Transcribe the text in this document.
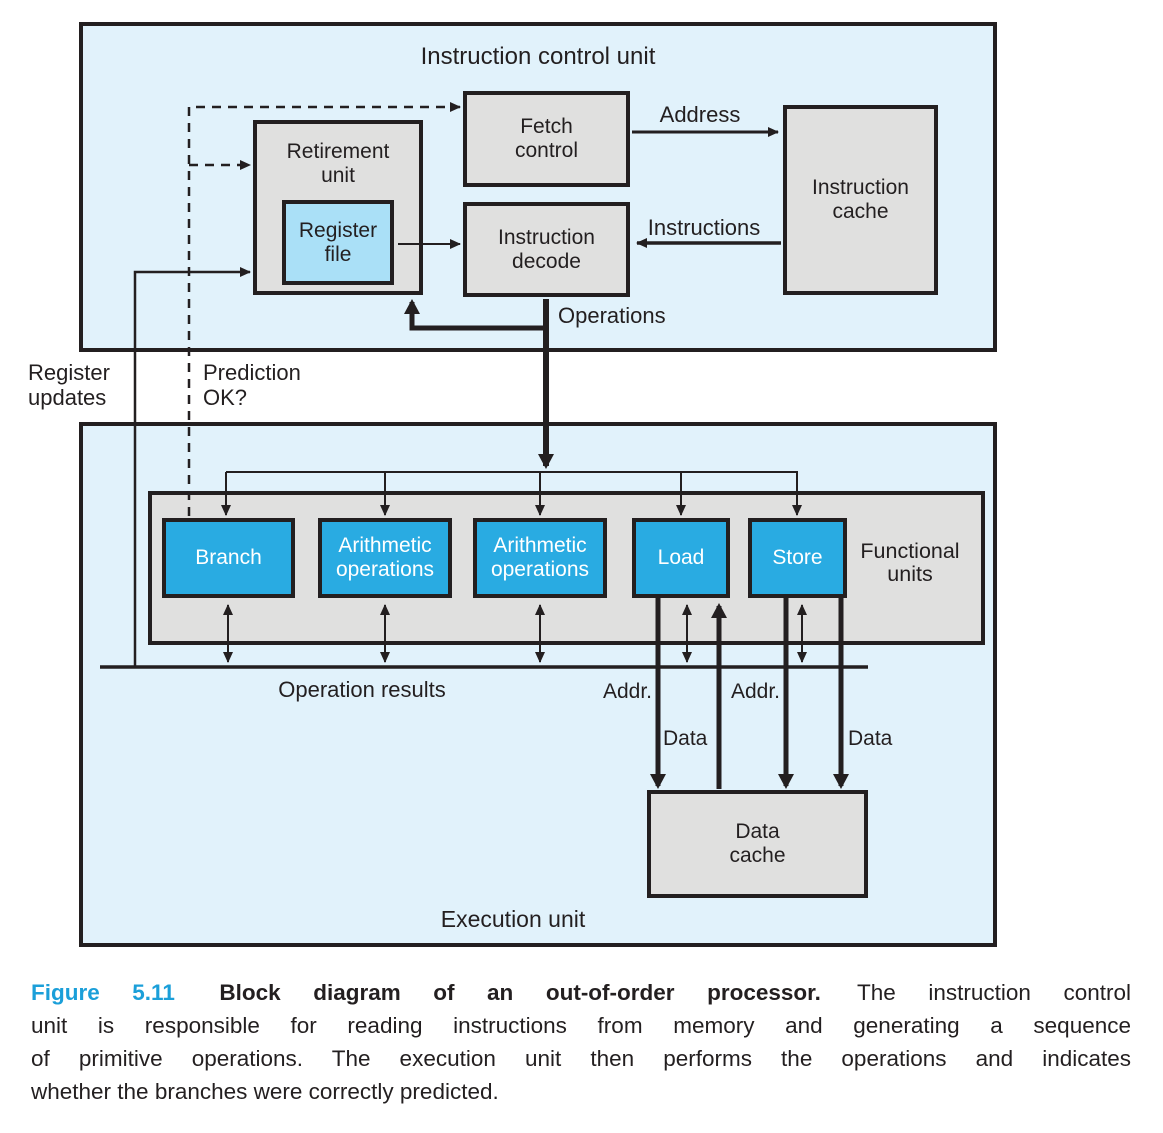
Retirement unit
Register file
Fetch control
Instruction decode
Instruction cache
Branch
Arithmetic operations
Arithmetic operations
Load	Store
Data cache
Instruction control unit
Execution unit
Address
Instructions
Operations
Register updates
Prediction OK?
Functional units
Operation results	Addr.	Addr.
Data	Data
Figure 5.11 Block diagram of an out-of-order processor. The instruction control
unit is responsible for reading instructions from memory and generating a sequence
of primitive operations. The execution unit then performs the operations and indicates
whether the branches were correctly predicted.
